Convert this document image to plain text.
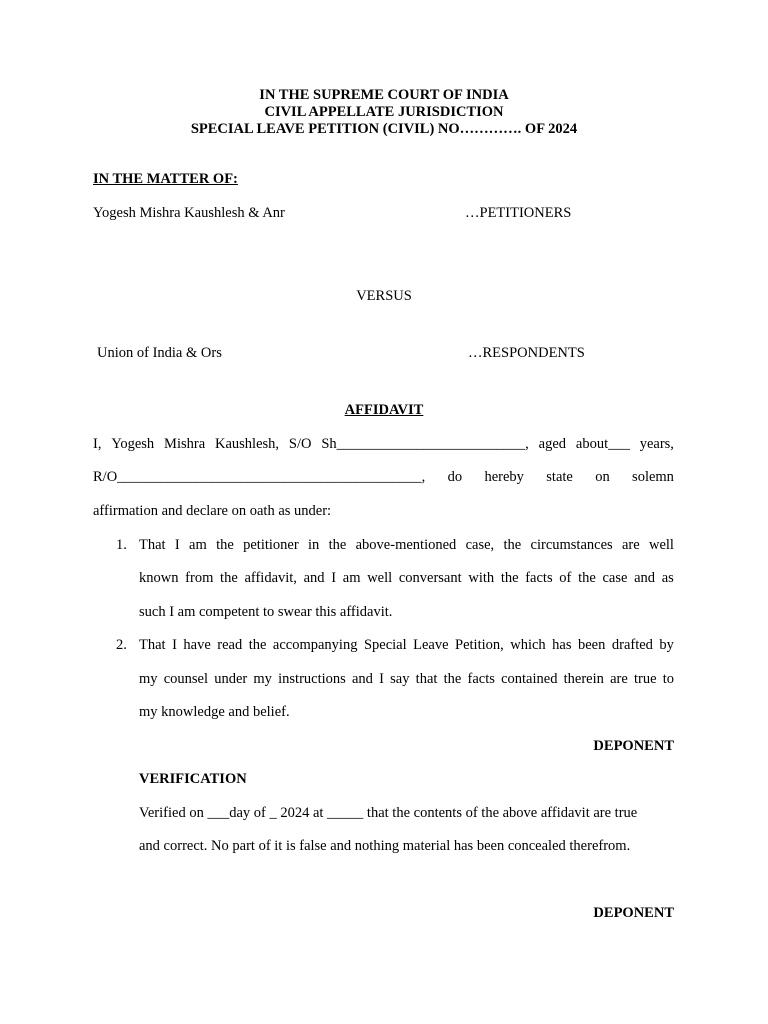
IN THE SUPREME COURT OF INDIA
CIVIL APPELLATE JURISDICTION
SPECIAL LEAVE PETITION (CIVIL) NO…………. OF 2024
IN THE MATTER OF:
Yogesh Mishra Kaushlesh & Anr	…PETITIONERS
VERSUS
Union of India & Ors	…RESPONDENTS
AFFIDAVIT
I, Yogesh Mishra Kaushlesh, S/O Sh__________________________, aged about___ years,
R/O__________________________________________, do hereby state on solemn
affirmation and declare on oath as under:
1. That I am the petitioner in the above-mentioned case, the circumstances are well
known from the affidavit, and I am well conversant with the facts of the case and as
such I am competent to swear this affidavit.
2. That I have read the accompanying Special Leave Petition, which has been drafted by
my counsel under my instructions and I say that the facts contained therein are true to
my knowledge and belief.
DEPONENT
VERIFICATION
Verified on ___day of _ 2024 at _____ that the contents of the above affidavit are true
and correct. No part of it is false and nothing material has been concealed therefrom.
DEPONENT
